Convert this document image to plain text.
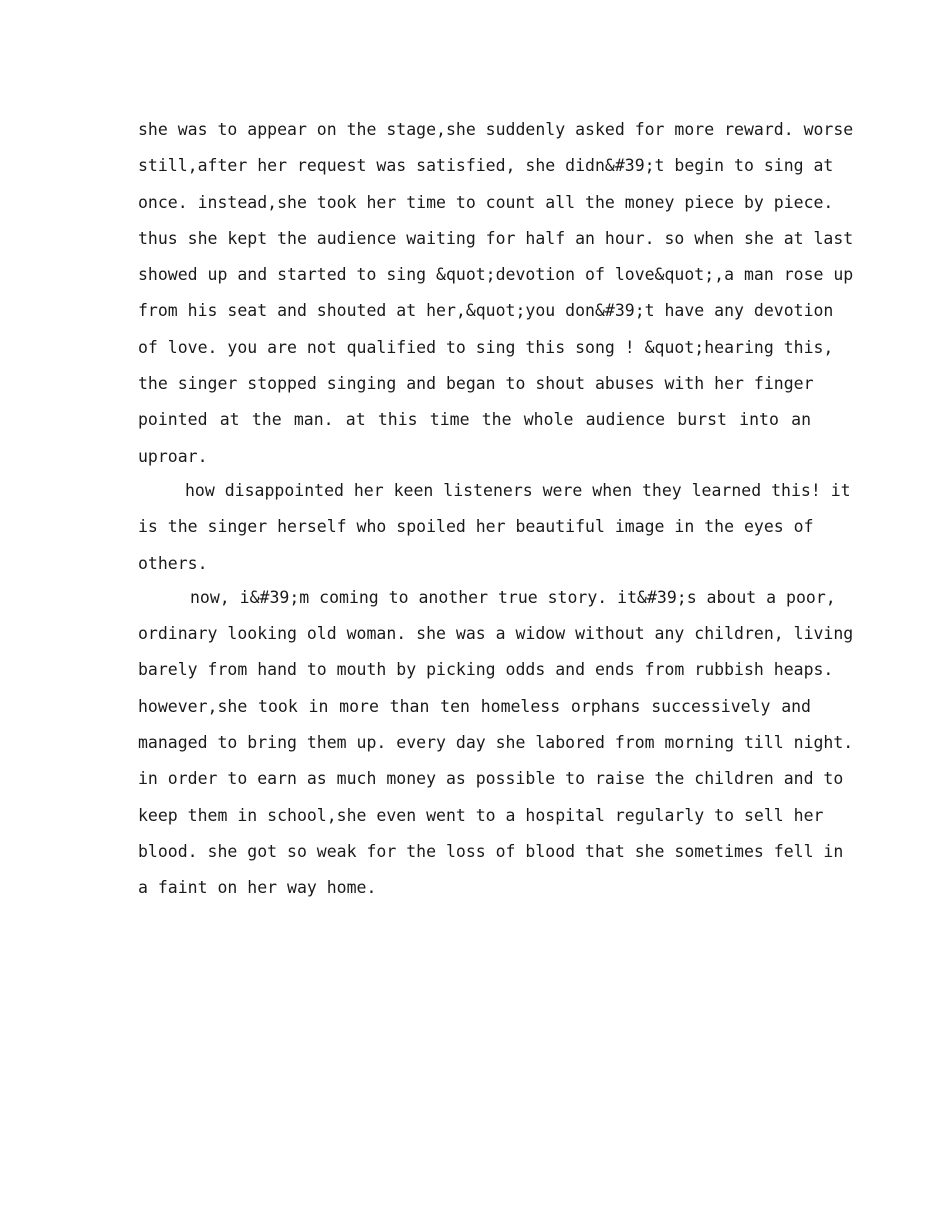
she was to appear on the stage,she suddenly asked for more reward. worse
still,after her request was satisfied, she didn&#39;t begin to sing at
once. instead,she took her time to count all the money piece by piece.
thus she kept the audience waiting for half an hour. so when she at last
showed up and started to sing &quot;devotion of love&quot;,a man rose up
from his seat and shouted at her,&quot;you don&#39;t have any devotion
of love. you are not qualified to sing this song ! &quot;hearing this,
the singer stopped singing and began to shout abuses with her finger
pointed at the man. at this time the whole audience burst into an
uproar.
how disappointed her keen listeners were when they learned this! it
is the singer herself who spoiled her beautiful image in the eyes of
others.
now, i&#39;m coming to another true story. it&#39;s about a poor,
ordinary looking old woman. she was a widow without any children, living
barely from hand to mouth by picking odds and ends from rubbish heaps.
however,she took in more than ten homeless orphans successively and
managed to bring them up. every day she labored from morning till night.
in order to earn as much money as possible to raise the children and to
keep them in school,she even went to a hospital regularly to sell her
blood. she got so weak for the loss of blood that she sometimes fell in
a faint on her way home.
